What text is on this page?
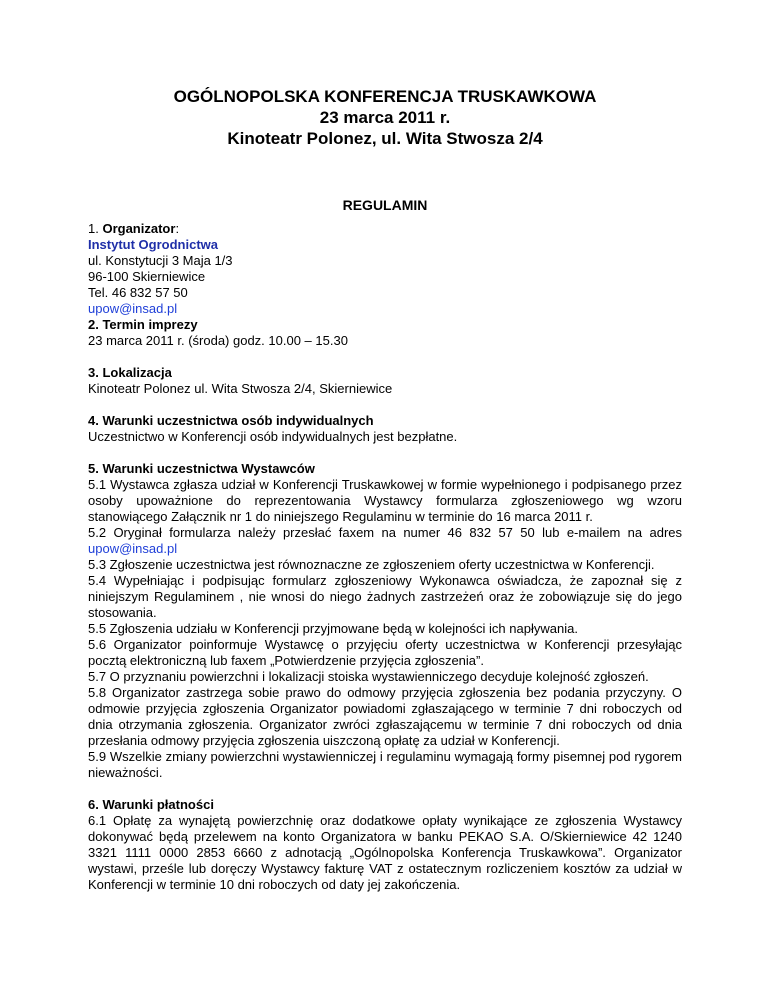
OGÓLNOPOLSKA KONFERENCJA TRUSKAWKOWA
23 marca 2011 r.
Kinoteatr Polonez, ul. Wita Stwosza 2/4
REGULAMIN
1. Organizator:
Instytut Ogrodnictwa
ul. Konstytucji 3 Maja 1/3
96-100 Skierniewice
Tel. 46 832 57 50
upow@insad.pl
2. Termin imprezy
23 marca 2011 r. (środa) godz. 10.00 – 15.30
3. Lokalizacja
Kinoteatr Polonez ul. Wita Stwosza 2/4, Skierniewice
4. Warunki uczestnictwa osób indywidualnych
Uczestnictwo w Konferencji osób indywidualnych jest bezpłatne.
5. Warunki uczestnictwa Wystawców

5.1 Wystawca zgłasza udział w Konferencji Truskawkowej w formie wypełnionego i podpisanego przez osoby upoważnione do reprezentowania Wystawcy formularza zgłoszeniowego wg wzoru stanowiącego Załącznik nr 1 do niniejszego Regulaminu w terminie do 16 marca 2011 r.

5.2 Oryginał formularza należy przesłać faxem na numer 46 832 57 50 lub e-mailem na adres upow@insad.pl

5.3 Zgłoszenie uczestnictwa jest równoznaczne ze zgłoszeniem oferty uczestnictwa w Konferencji.

5.4 Wypełniając i podpisując formularz zgłoszeniowy Wykonawca oświadcza, że zapoznał się z niniejszym Regulaminem , nie wnosi do niego żadnych zastrzeżeń oraz że zobowiązuje się do jego stosowania.

5.5 Zgłoszenia udziału w Konferencji przyjmowane będą w kolejności ich napływania.

5.6 Organizator poinformuje Wystawcę o przyjęciu oferty uczestnictwa w Konferencji przesyłając pocztą elektroniczną lub faxem „Potwierdzenie przyjęcia zgłoszenia”.

5.7 O przyznaniu powierzchni i lokalizacji stoiska wystawienniczego decyduje kolejność zgłoszeń.

5.8 Organizator zastrzega sobie prawo do odmowy przyjęcia zgłoszenia bez podania przyczyny. O odmowie przyjęcia zgłoszenia Organizator powiadomi zgłaszającego w terminie 7 dni roboczych od dnia otrzymania zgłoszenia. Organizator zwróci zgłaszającemu w terminie 7 dni roboczych od dnia przesłania odmowy przyjęcia zgłoszenia uiszczoną opłatę za udział w Konferencji.

5.9 Wszelkie zmiany powierzchni wystawienniczej i regulaminu wymagają formy pisemnej pod rygorem nieważności.

6. Warunki płatności

6.1 Opłatę za wynajętą powierzchnię oraz dodatkowe opłaty wynikające ze zgłoszenia Wystawcy dokonywać będą przelewem na konto Organizatora w banku PEKAO S.A. O/Skierniewice 42 1240 3321 1111 0000 2853 6660 z adnotacją „Ogólnopolska Konferencja Truskawkowa”. Organizator wystawi, prześle lub doręczy Wystawcy fakturę VAT z ostatecznym rozliczeniem kosztów za udział w Konferencji w terminie 10 dni roboczych od daty jej zakończenia.
